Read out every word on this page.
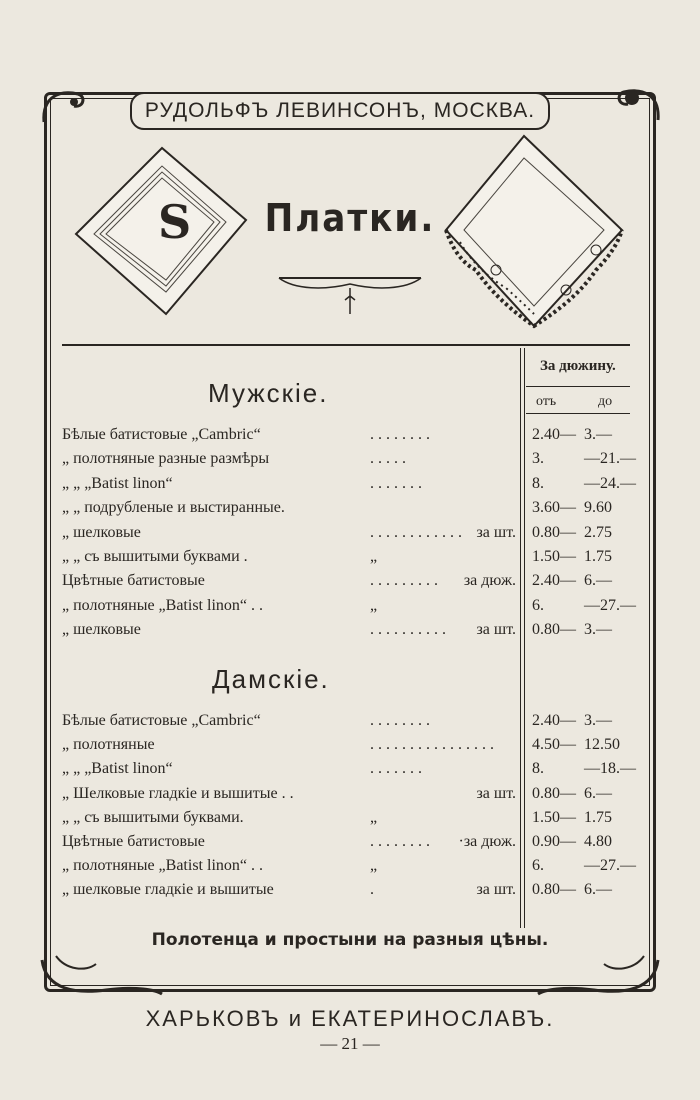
РУДОЛЬФЪ ЛЕВИНСОНЪ, МОСКВА.
S Платки.
За дюжину.
отъ	до
Мужскіе.
Дамскіе.
Бѣлые батистовые „Cambric“	. . . . . . . .	2.40— 3.—
„ полотняные разные размѣры	. . . . .	3.	—21.—
„ „ „Batist linon“	. . . . . . .	8.	—24.—
„ „ подрубленые и выстиранные.	3.60— 9.60
„ шелковые	. . . . . . . . . . . . за шт. 0.80— 2.75
„ „ съ вышитыми буквами .	„	1.50— 1.75
Цвѣтные батистовые	. . . . . . . . . за дюж. 2.40— 6.—
„ полотняные „Batist linon“ . .	„	6.	—27.—
„ шелковые	. . . . . . . . . . за шт. 0.80— 3.—
Бѣлые батистовые „Cambric“	. . . . . . . .	2.40— 3.—
„ полотняные	. . . . . . . . . . . . . . . . 4.50— 12.50
„ „ „Batist linon“	. . . . . . .	8.	—18.—
„ Шелковые гладкіе и вышитые . .	за шт. 0.80— 6.—
„ „ съ вышитыми буквами.	„	1.50— 1.75
Цвѣтные батистовые	. . . . . . . . ·за дюж. 0.90— 4.80
„ полотняные „Batist linon“ . .	„	6.	—27.—
„ шелковые гладкіе и вышитые	.	за шт. 0.80— 6.—
Полотенца и простыни на разныя цѣны.
ХАРЬКОВЪ и ЕКАТЕРИНОСЛАВЪ.
— 21 —
